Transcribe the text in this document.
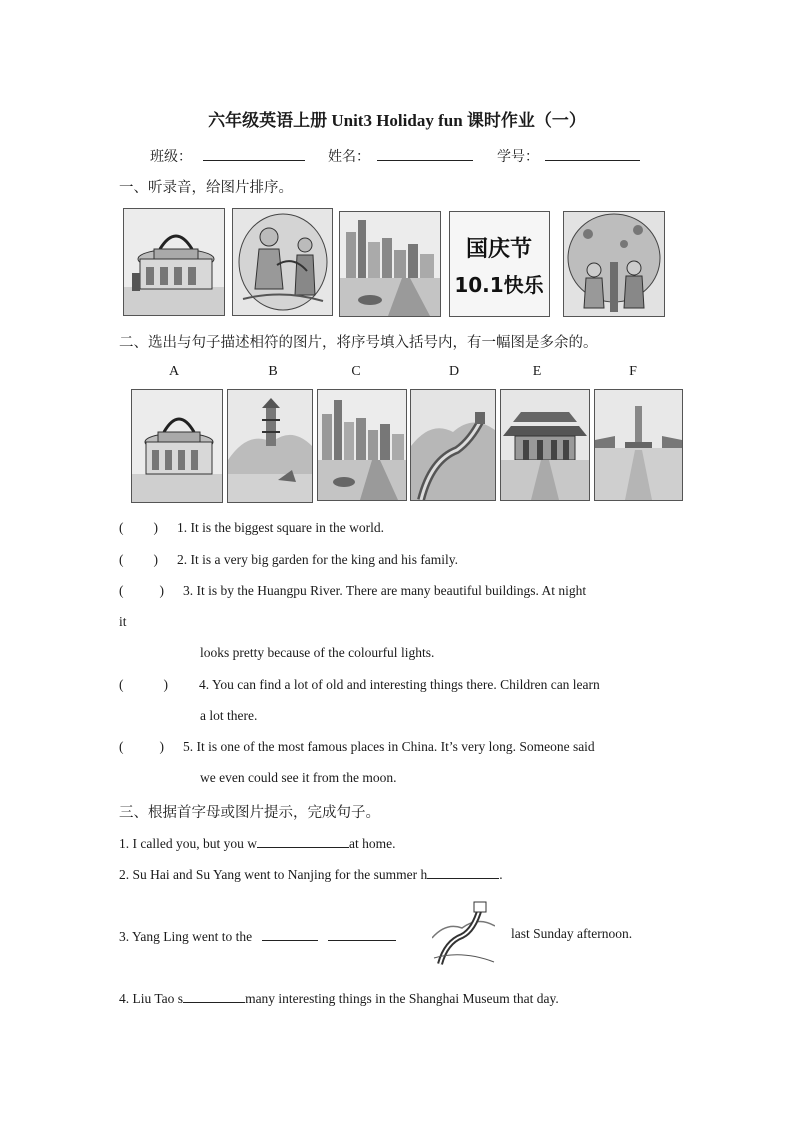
六年级英语上册 Unit3 Holiday fun 课时作业（一）
班级：	姓名：	学号：
一、听录音，给图片排序。
国庆节
10.1快乐
二、选出与句子描述相符的图片，将序号填入括号内，有一幅图是多余的。
A	B	C	D	E	F
( ) 1. It is the biggest square in the world.
( ) 2. It is a very big garden for the king and his family.
(	) 3. It is by the Huangpu River. There are many beautiful buildings. At night
it
looks pretty because of the colourful lights.
(	) 4. You can find a lot of old and interesting things there. Children can learn
a lot there.
(	) 5. It is one of the most famous places in China. It’s very long. Someone said
we even could see it from the moon.
三、根据首字母或图片提示，完成句子。
1. I called you, but you w	at home.
2. Su Hai and Su Yang went to Nanjing for the summer h	.
3. Yang Ling went to the	last Sunday afternoon.
4. Liu Tao s	many interesting things in the Shanghai Museum that day.
